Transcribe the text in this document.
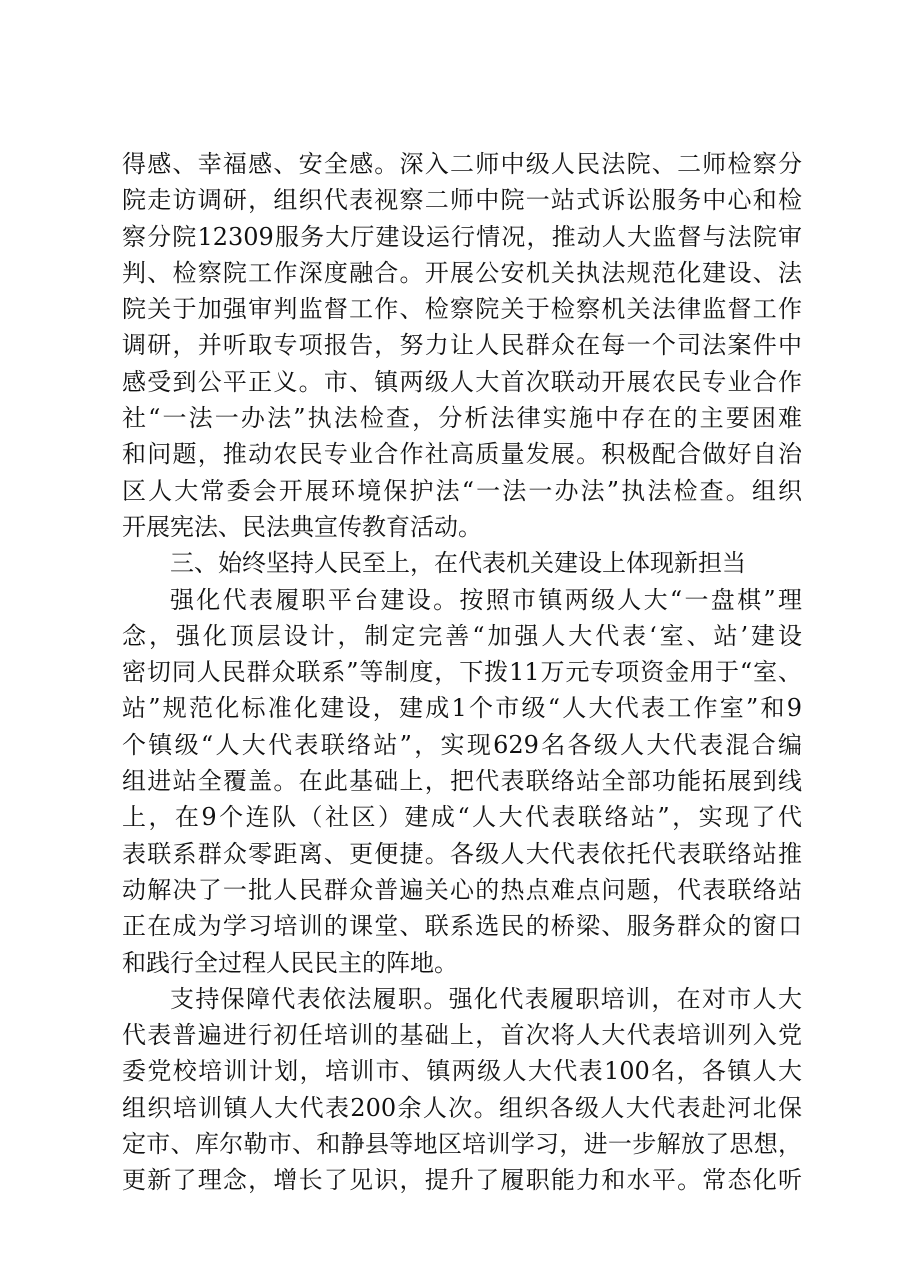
得感、幸福感、安全感。深入二师中级人民法院、二师检察分
院走访调研，组织代表视察二师中院一站式诉讼服务中心和检
察分院12309服务大厅建设运行情况，推动人大监督与法院审
判、检察院工作深度融合。开展公安机关执法规范化建设、法
院关于加强审判监督工作、检察院关于检察机关法律监督工作
调研，并听取专项报告，努力让人民群众在每一个司法案件中
感受到公平正义。市、镇两级人大首次联动开展农民专业合作
社“一法一办法”执法检查，分析法律实施中存在的主要困难
和问题，推动农民专业合作社高质量发展。积极配合做好自治
区人大常委会开展环境保护法“一法一办法”执法检查。组织
开展宪法、民法典宣传教育活动。
三、始终坚持人民至上，在代表机关建设上体现新担当
强化代表履职平台建设。按照市镇两级人大“一盘棋”理
念，强化顶层设计，制定完善“加强人大代表‘室、站’建设
密切同人民群众联系”等制度，下拨11万元专项资金用于“室、
站”规范化标准化建设，建成1个市级“人大代表工作室”和9
个镇级“人大代表联络站”，实现629名各级人大代表混合编
组进站全覆盖。在此基础上，把代表联络站全部功能拓展到线
上，在9个连队（社区）建成“人大代表联络站”，实现了代
表联系群众零距离、更便捷。各级人大代表依托代表联络站推
动解决了一批人民群众普遍关心的热点难点问题，代表联络站
正在成为学习培训的课堂、联系选民的桥梁、服务群众的窗口
和践行全过程人民民主的阵地。
支持保障代表依法履职。强化代表履职培训，在对市人大
代表普遍进行初任培训的基础上，首次将人大代表培训列入党
委党校培训计划，培训市、镇两级人大代表100名，各镇人大
组织培训镇人大代表200余人次。组织各级人大代表赴河北保
定市、库尔勒市、和静县等地区培训学习，进一步解放了思想，
更新了理念，增长了见识，提升了履职能力和水平。常态化听
